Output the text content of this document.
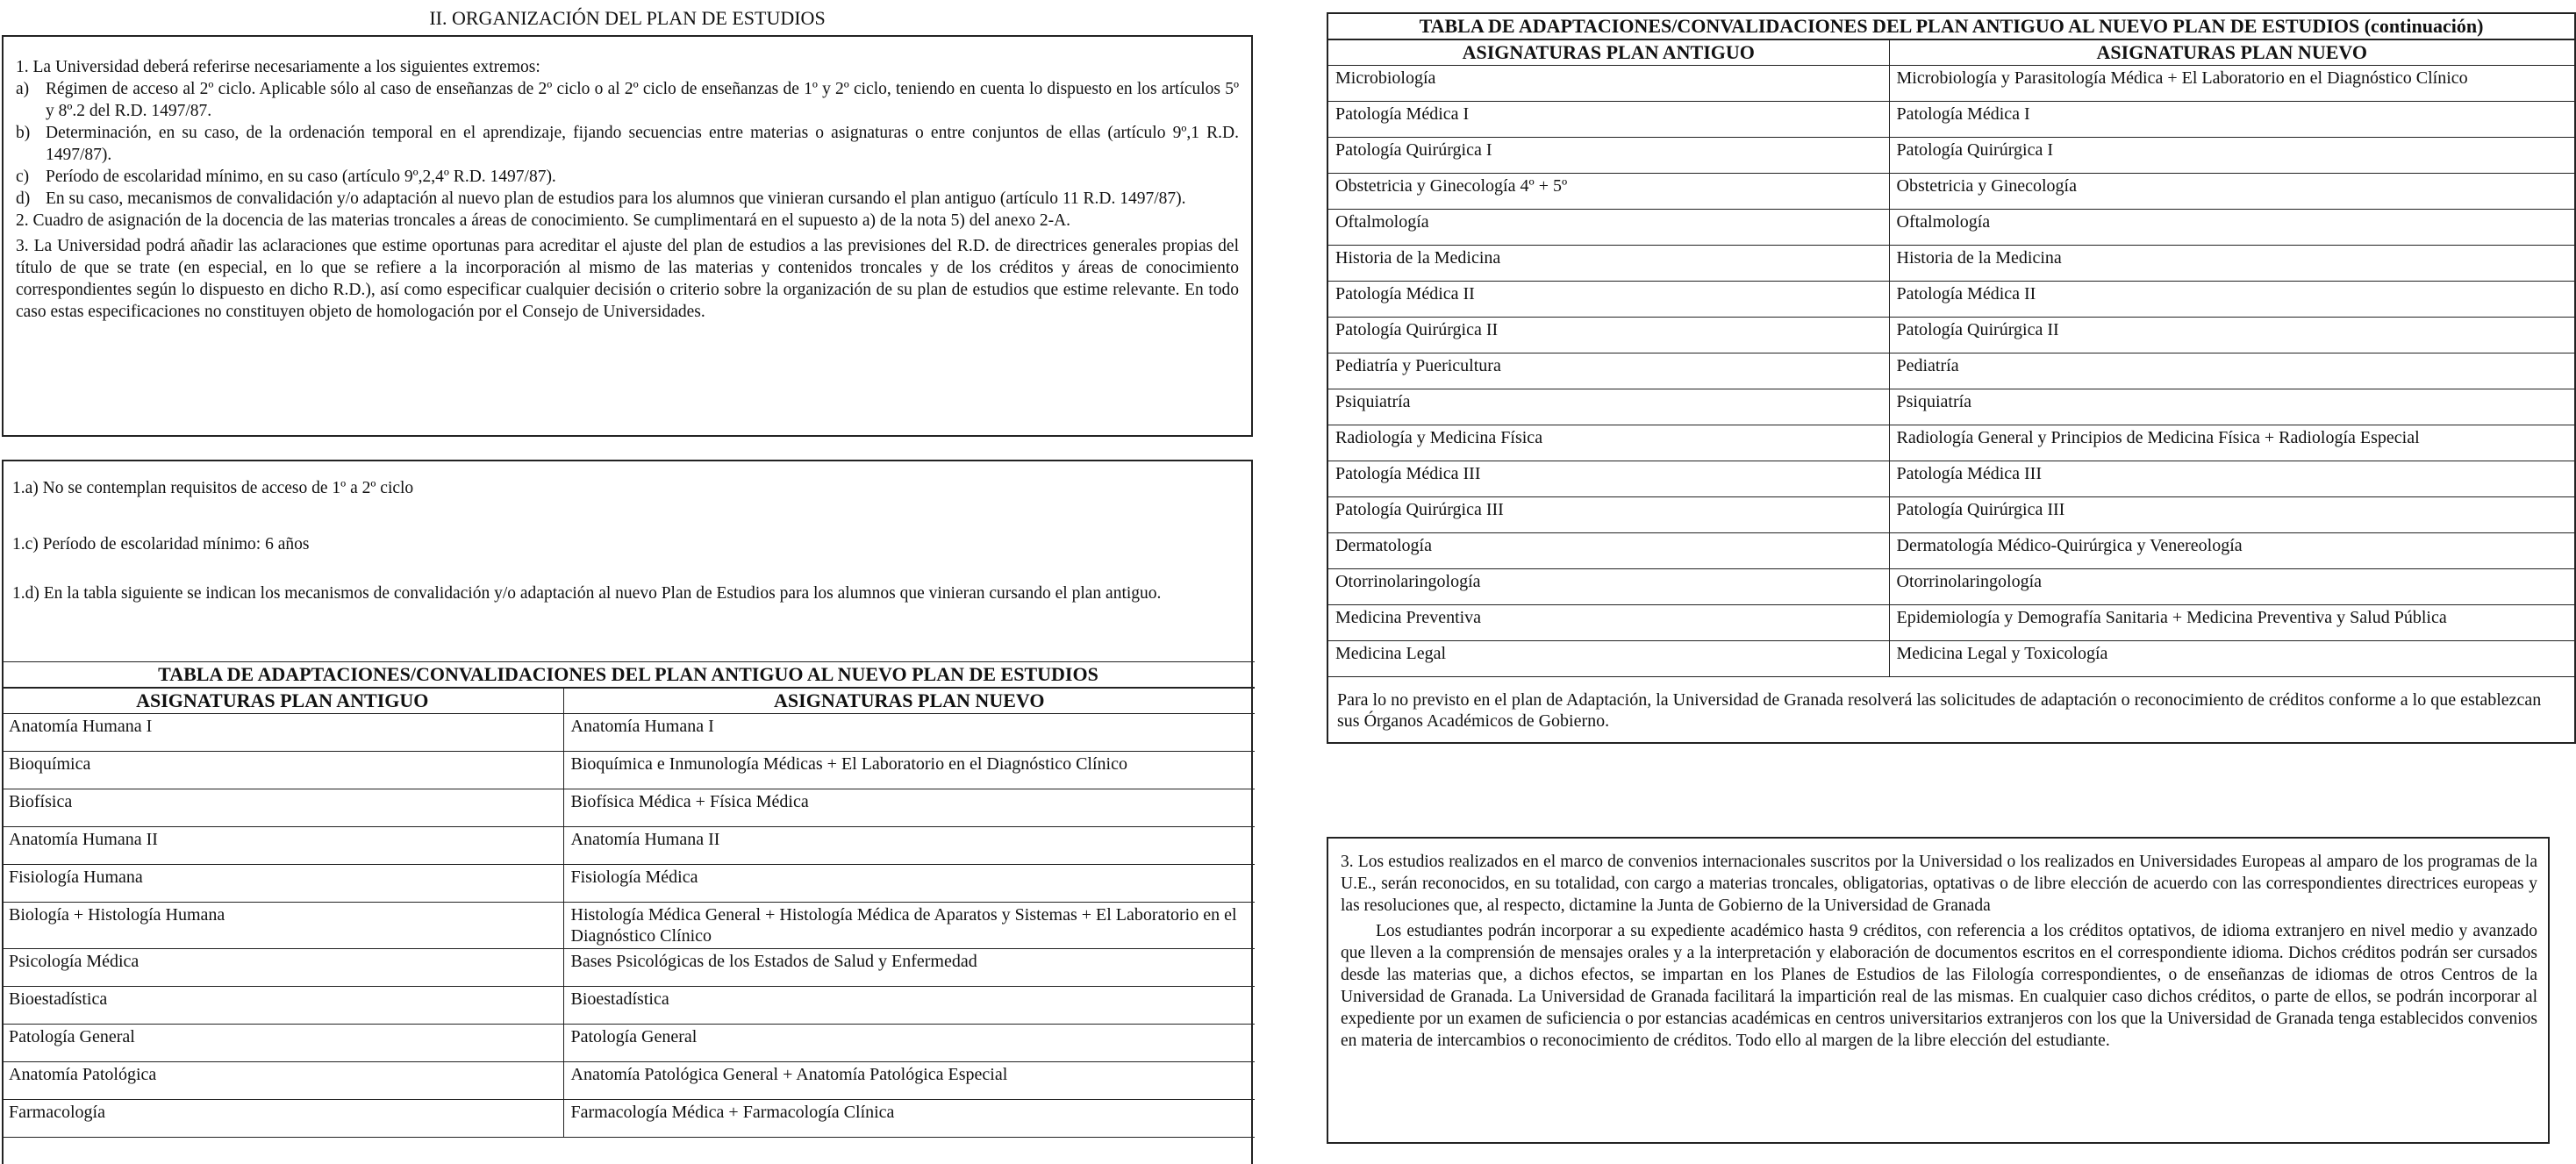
II. ORGANIZACIÓN DEL PLAN DE ESTUDIOS

1. La Universidad deberá referirse necesariamente a los siguientes extremos:

a) Régimen de acceso al 2º ciclo. Aplicable sólo al caso de enseñanzas de 2º ciclo o al 2º ciclo de enseñanzas de 1º y 2º ciclo, teniendo en cuenta lo dispuesto en los artículos 5º y 8º.2 del R.D. 1497/87.
b) Determinación, en su caso, de la ordenación temporal en el aprendizaje, fijando secuencias entre materias o asignaturas o entre conjuntos de ellas (artículo 9º,1 R.D. 1497/87).
c) Período de escolaridad mínimo, en su caso (artículo 9º,2,4º R.D. 1497/87).
d) En su caso, mecanismos de convalidación y/o adaptación al nuevo plan de estudios para los alumnos que vinieran cursando el plan antiguo (artículo 11 R.D. 1497/87).

2. Cuadro de asignación de la docencia de las materias troncales a áreas de conocimiento. Se cumplimentará en el supuesto a) de la nota 5) del anexo 2-A.

3. La Universidad podrá añadir las aclaraciones que estime oportunas para acreditar el ajuste del plan de estudios a las previsiones del R.D. de directrices generales propias del título de que se trate (en especial, en lo que se refiere a la incorporación al mismo de las materias y contenidos troncales y de los créditos y áreas de conocimiento correspondientes según lo dispuesto en dicho R.D.), así como especificar cualquier decisión o criterio sobre la organización de su plan de estudios que estime relevante. En todo caso estas especificaciones no constituyen objeto de homologación por el Consejo de Universidades.

1.a) No se contemplan requisitos de acceso de 1º a 2º ciclo

1.c) Período de escolaridad mínimo: 6 años

1.d) En la tabla siguiente se indican los mecanismos de convalidación y/o adaptación al nuevo Plan de Estudios para los alumnos que vinieran cursando el plan antiguo.

TABLA DE ADAPTACIONES/CONVALIDACIONES DEL PLAN ANTIGUO AL NUEVO PLAN DE ESTUDIOS	
ASIGNATURAS PLAN ANTIGUO	ASIGNATURAS PLAN NUEVO
Anatomía Humana I	Anatomía Humana I
Bioquímica	Bioquímica e Inmunología Médicas + El Laboratorio en el Diagnóstico Clínico
Biofísica	Biofísica Médica + Física Médica
Anatomía Humana II	Anatomía Humana II
Fisiología Humana	Fisiología Médica
Biología + Histología Humana	Histología Médica General + Histología Médica de Aparatos y Sistemas + El Laboratorio en el Diagnóstico Clínico
Psicología Médica	Bases Psicológicas de los Estados de Salud y Enfermedad
Bioestadística	Bioestadística
Patología General	Patología General
Anatomía Patológica	Anatomía Patológica General + Anatomía Patológica Especial
Farmacología	Farmacología Médica + Farmacología Clínica
TABLA DE ADAPTACIONES/CONVALIDACIONES DEL PLAN ANTIGUO AL NUEVO PLAN DE ESTUDIOS (continuación)	
ASIGNATURAS PLAN ANTIGUO	ASIGNATURAS PLAN NUEVO
Microbiología	Microbiología y Parasitología Médica + El Laboratorio en el Diagnóstico Clínico
Patología Médica I	Patología Médica I
Patología Quirúrgica I	Patología Quirúrgica I
Obstetricia y Ginecología 4º + 5º	Obstetricia y Ginecología
Oftalmología	Oftalmología
Historia de la Medicina	Historia de la Medicina
Patología Médica II	Patología Médica II
Patología Quirúrgica II	Patología Quirúrgica II
Pediatría y Puericultura	Pediatría
Psiquiatría	Psiquiatría
Radiología y Medicina Física	Radiología General y Principios de Medicina Física + Radiología Especial
Patología Médica III	Patología Médica III
Patología Quirúrgica III	Patología Quirúrgica III
Dermatología	Dermatología Médico-Quirúrgica y Venereología
Otorrinolaringología	Otorrinolaringología
Medicina Preventiva	Epidemiología y Demografía Sanitaria + Medicina Preventiva y Salud Pública
Medicina Legal	Medicina Legal y Toxicología
Para lo no previsto en el plan de Adaptación, la Universidad de Granada resolverá las solicitudes de adaptación o reconocimiento de créditos conforme a lo que establezcan sus Órganos Académicos de Gobierno.	

3. Los estudios realizados en el marco de convenios internacionales suscritos por la Universidad o los realizados en Universidades Europeas al amparo de los programas de la U.E., serán reconocidos, en su totalidad, con cargo a materias troncales, obligatorias, optativas o de libre elección de acuerdo con las correspondientes directrices europeas y las resoluciones que, al respecto, dictamine la Junta de Gobierno de la Universidad de Granada

Los estudiantes podrán incorporar a su expediente académico hasta 9 créditos, con referencia a los créditos optativos, de idioma extranjero en nivel medio y avanzado que lleven a la comprensión de mensajes orales y a la interpretación y elaboración de documentos escritos en el correspondiente idioma. Dichos créditos podrán ser cursados desde las materias que, a dichos efectos, se impartan en los Planes de Estudios de las Filología correspondientes, o de enseñanzas de idiomas de otros Centros de la Universidad de Granada. La Universidad de Granada facilitará la impartición real de las mismas. En cualquier caso dichos créditos, o parte de ellos, se podrán incorporar al expediente por un examen de suficiencia o por estancias académicas en centros universitarios extranjeros con los que la Universidad de Granada tenga establecidos convenios en materia de intercambios o reconocimiento de créditos. Todo ello al margen de la libre elección del estudiante.
